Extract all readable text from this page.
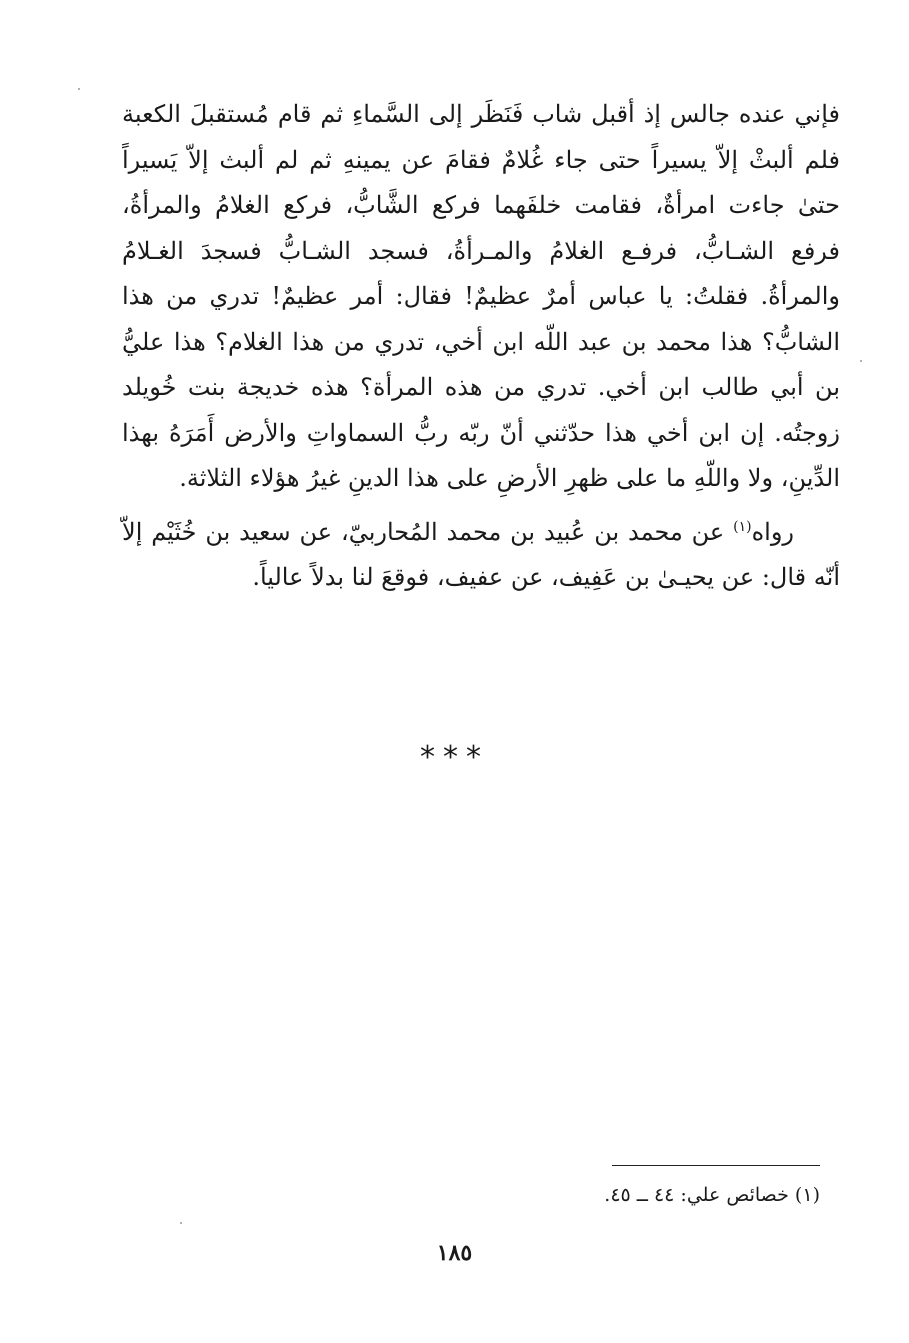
فإني عنده جالس إذ أقبل شاب فَنَظَر إلى السَّماءِ ثم قام مُستقبلَ الكعبة فلم ألبثْ إلاّ يسيراً حتى جاء غُلامٌ فقامَ عن يمينهِ ثم لم ألبث إلاّ يَسيراً حتىٰ جاءت امرأةٌ، فقامت خلفَهما فركع الشَّابُّ، فركع الغلامُ والمرأةُ، فرفع الشـابُّ، فرفـع الغلامُ والمـرأةُ، فسجد الشـابُّ فسجدَ الغـلامُ والمرأةُ. فقلتُ: يا عباس أمرٌ عظيمٌ! فقال: أمر عظيمٌ! تدري من هذا الشابُّ؟ هذا محمد بن عبد اللّه ابن أخي، تدري من هذا الغلام؟ هذا عليُّ بن أبي طالب ابن أخي. تدري من هذه المرأة؟ هذه خديجة بنت خُويلد زوجتُه. إن ابن أخي هذا حدّثني أنّ ربّه ربُّ السماواتِ والأرض أَمَرَهُ بهذا الدِّينِ، ولا واللّهِ ما على ظهرِ الأرضِ على هذا الدينِ غيرُ هؤلاء الثلاثة.

رواه$^{(١)}$ عن محمد بن عُبيد بن محمد المُحاربيّ، عن سعيد بن خُثَيْم إلاّ أنّه قال: عن يحيـىٰ بن عَفِيف، عن عفيف، فوقعَ لنا بدلاً عالياً.

***
(١) خصائص علي: ٤٤ ــ ٤٥.
١٨٥
